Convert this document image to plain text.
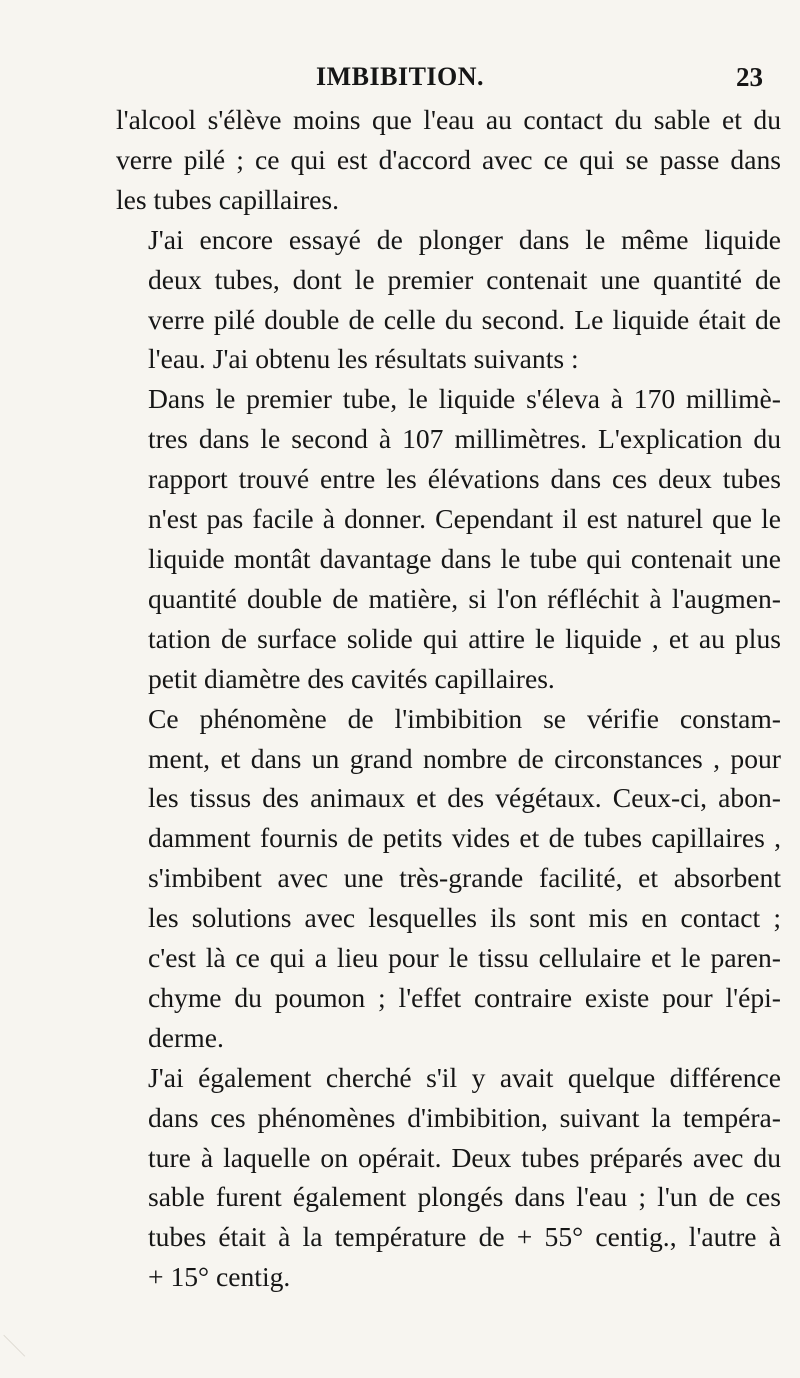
IMBIBITION.	23

l'alcool s'élève moins que l'eau au contact du sable et du
verre pilé ; ce qui est d'accord avec ce qui se passe dans
les tubes capillaires.

J'ai encore essayé de plonger dans le même liquide
deux tubes, dont le premier contenait une quantité de
verre pilé double de celle du second. Le liquide était de
l'eau. J'ai obtenu les résultats suivants :

Dans le premier tube, le liquide s'éleva à 170 millimè-
tres dans le second à 107 millimètres. L'explication du
rapport trouvé entre les élévations dans ces deux tubes
n'est pas facile à donner. Cependant il est naturel que le
liquide montât davantage dans le tube qui contenait une
quantité double de matière, si l'on réfléchit à l'augmen-
tation de surface solide qui attire le liquide , et au plus
petit diamètre des cavités capillaires.

Ce phénomène de l'imbibition se vérifie constam-
ment, et dans un grand nombre de circonstances , pour
les tissus des animaux et des végétaux. Ceux-ci, abon-
damment fournis de petits vides et de tubes capillaires ,
s'imbibent avec une très-grande facilité, et absorbent
les solutions avec lesquelles ils sont mis en contact ;
c'est là ce qui a lieu pour le tissu cellulaire et le paren-
chyme du poumon ; l'effet contraire existe pour l'épi-
derme.

J'ai également cherché s'il y avait quelque différence
dans ces phénomènes d'imbibition, suivant la tempéra-
ture à laquelle on opérait. Deux tubes préparés avec du
sable furent également plongés dans l'eau ; l'un de ces
tubes était à la température de + 55° centig., l'autre à
+ 15° centig.
